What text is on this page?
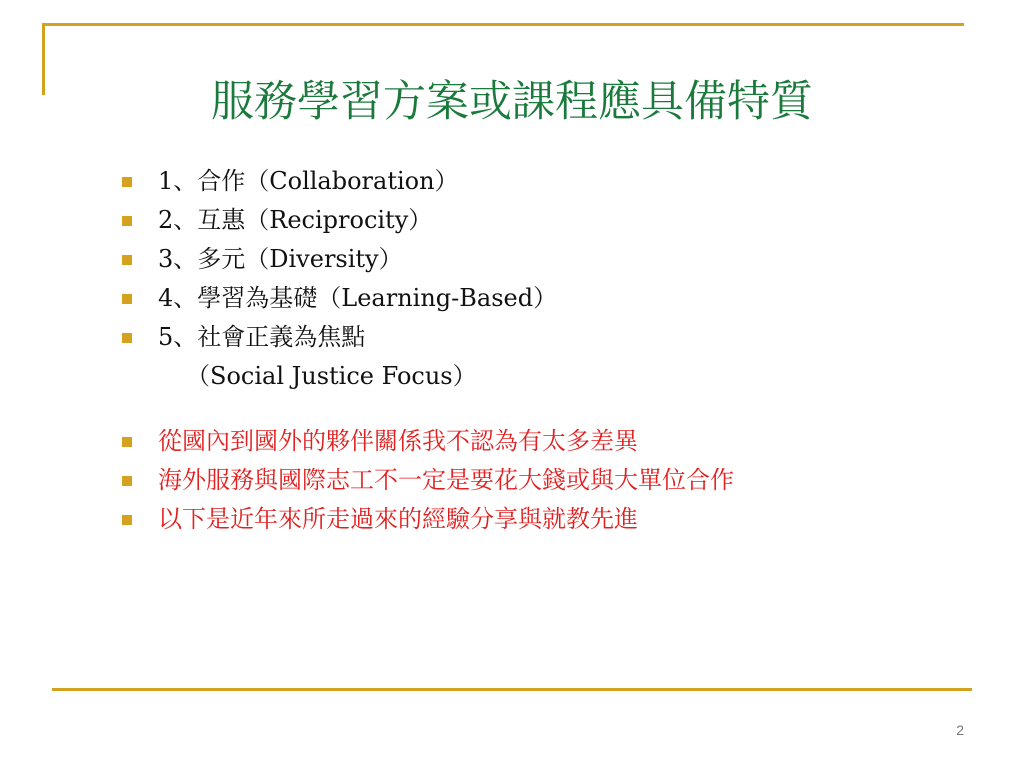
服務學習方案或課程應具備特質
1、合作（Collaboration）
2、互惠（Reciprocity）
3、多元（Diversity）
4、學習為基礎（Learning-Based）
5、社會正義為焦點
（Social Justice Focus）
從國內到國外的夥伴關係我不認為有太多差異
海外服務與國際志工不一定是要花大錢或與大單位合作
以下是近年來所走過來的經驗分享與就教先進
2
